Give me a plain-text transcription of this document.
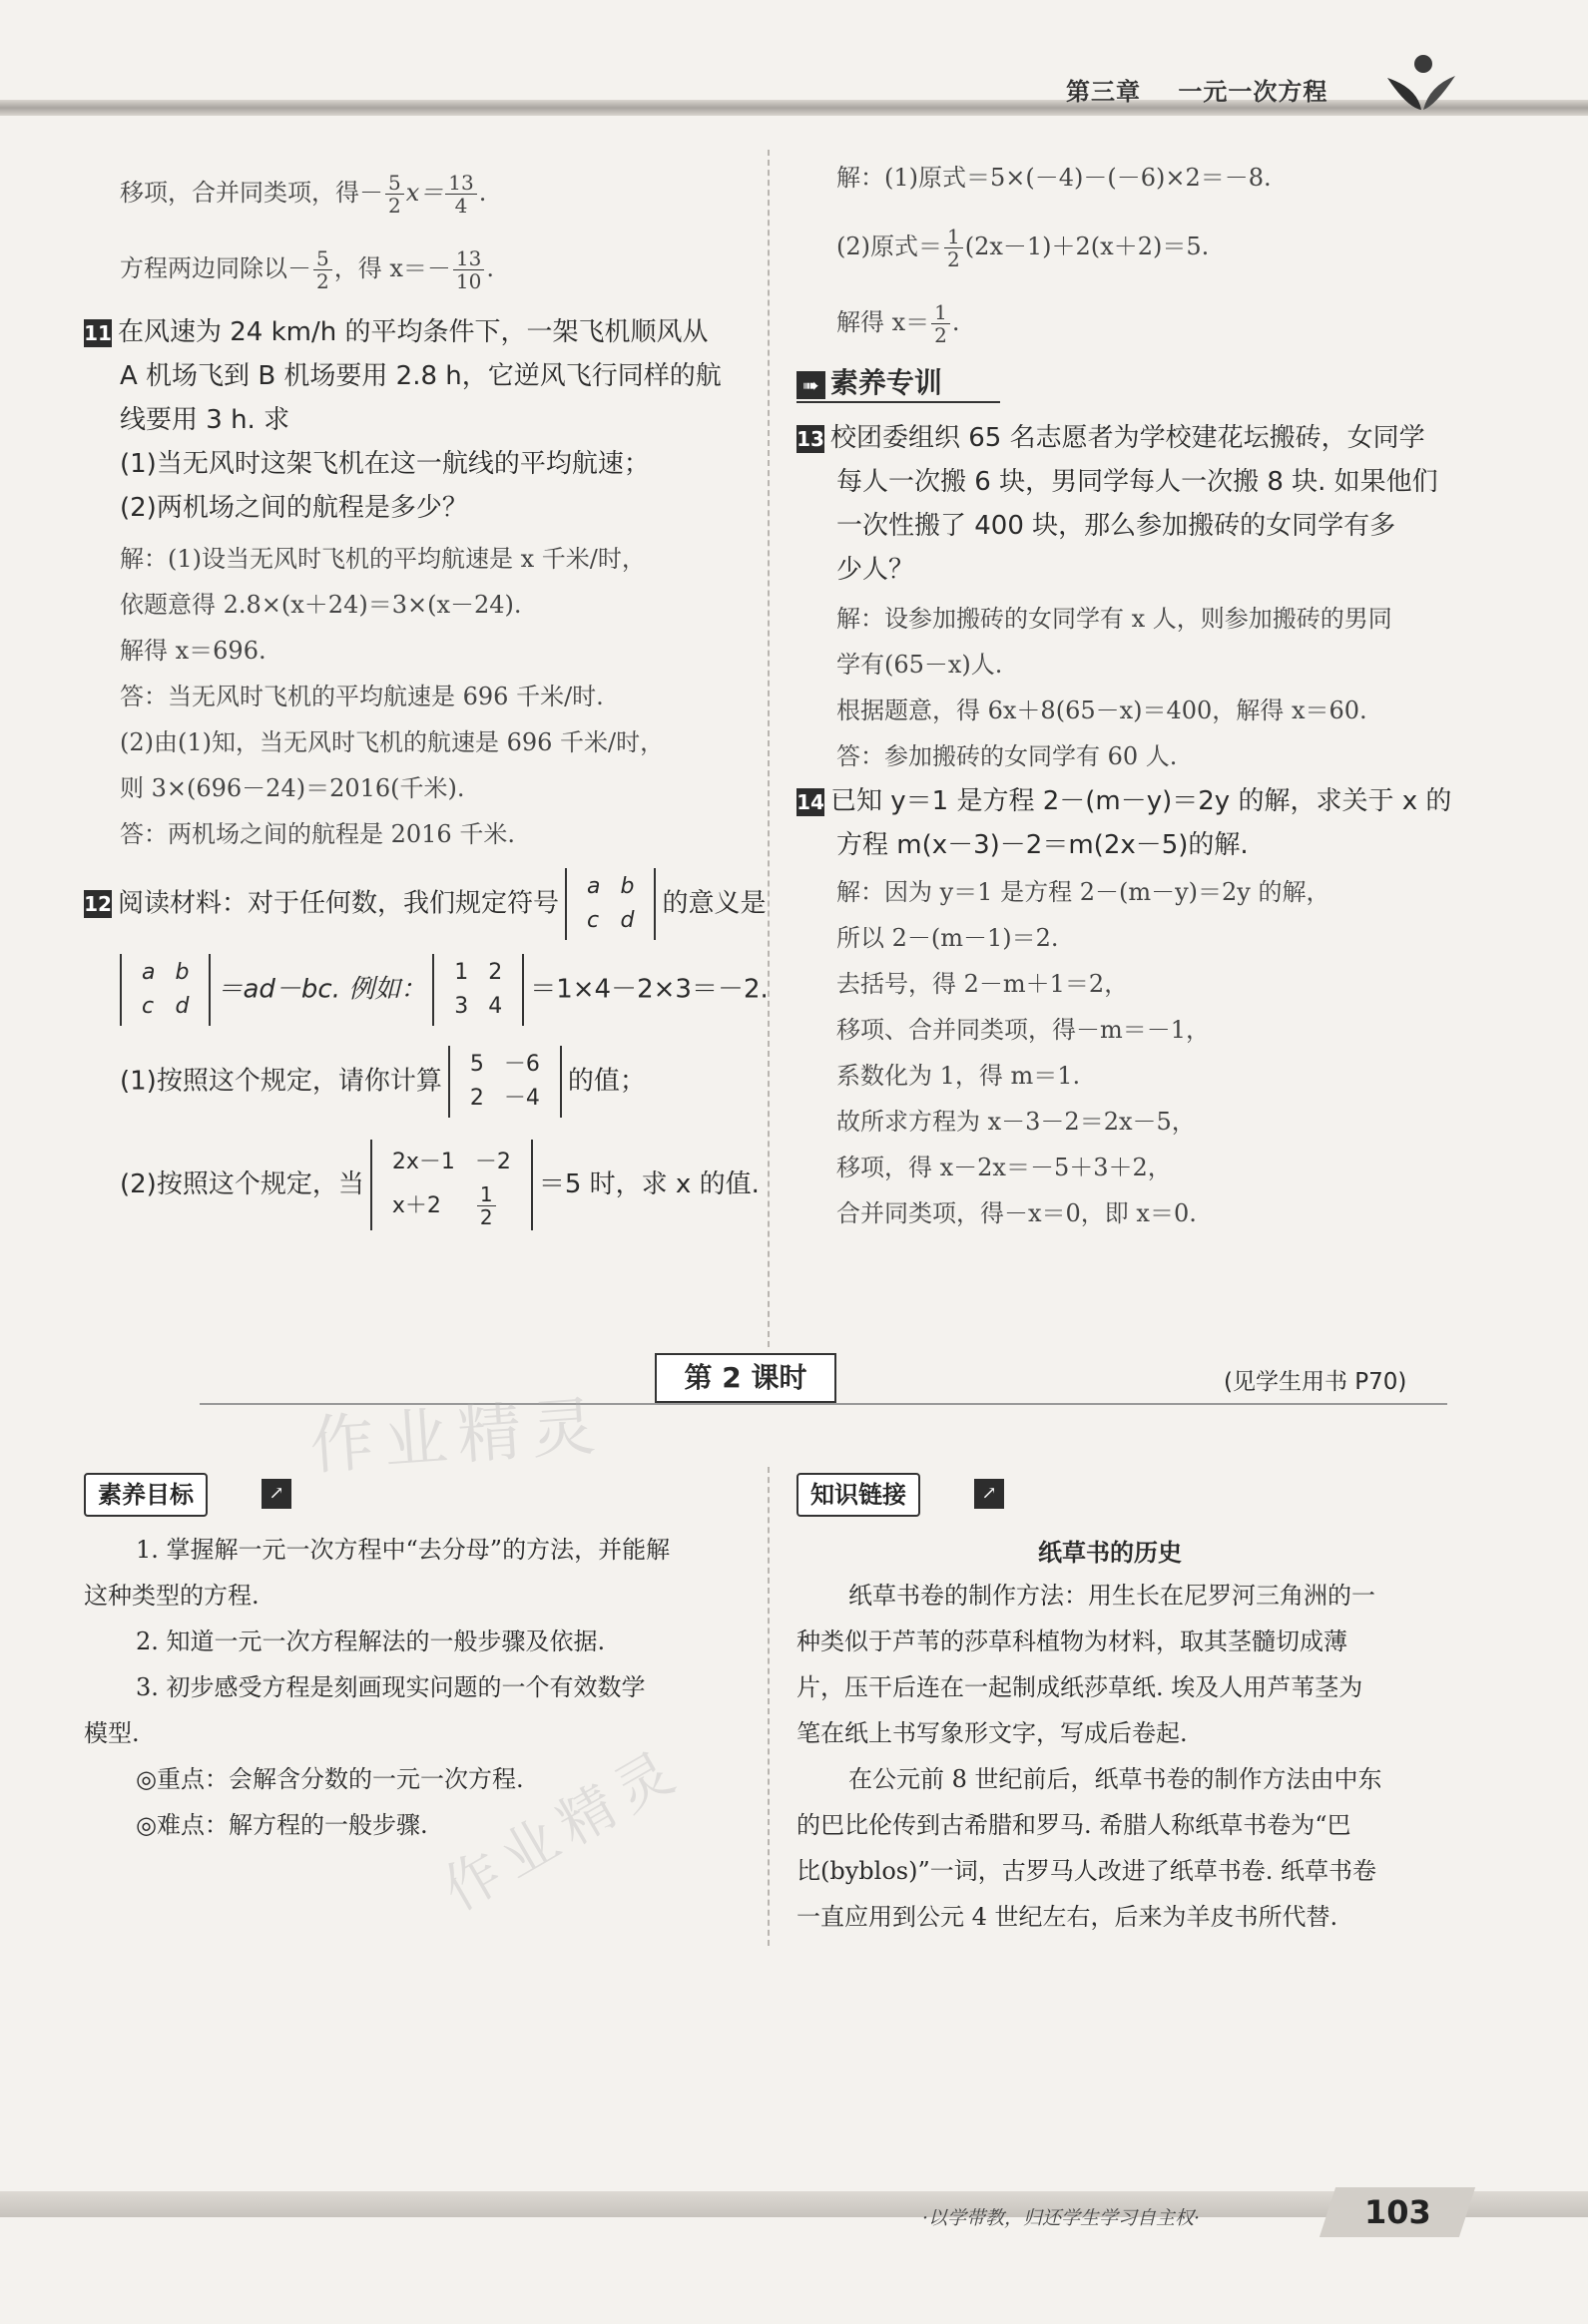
第三章 一元一次方程
移项，合并同类项，得－ $\frac{5}{2} x= \frac{13}{4}$ .
方程两边同除以－ $\frac{5}{2}$ ，得 $x=- \frac{13}{10}$ .
11 在风速为 24 km/h 的平均条件下，一架飞机顺风从
A 机场飞到 B 机场要用 2.8 h，它逆风飞行同样的航
线要用 3 h. 求
(1)当无风时这架飞机在这一航线的平均航速；
(2)两机场之间的航程是多少？
解：(1)设当无风时飞机的平均航速是 x 千米/时，
依题意得 2.8×(x＋24)＝3×(x－24).
解得 x＝696.
答：当无风时飞机的平均航速是 696 千米/时.
(2)由(1)知，当无风时飞机的航速是 696 千米/时，
则 3×(696－24)＝2016(千米).
答：两机场之间的航程是 2016 千米.
12 阅读材料：对于任何数，我们规定符号
a	b
c	d
的意义是
a	b
c	d
＝ad－bc. 例如：
1	2
3	4
＝1×4－2×3＝－2.
(1)按照这个规定，请你计算
5	－6
2	－4
的值；
(2)按照这个规定，当
2x－1	－2
x＋2	$\frac{1}{2} =5$ 时，求 x 的值.
解：(1)原式＝5×(－4)－(－6)×2＝－8.
(2)原式＝ $\frac{1}{2} (2x-1)+2(x+2)=5$.
解得 $x= \frac{1}{2}$ .
➠ 素养专训
13 校团委组织 65 名志愿者为学校建花坛搬砖，女同学
每人一次搬 6 块，男同学每人一次搬 8 块. 如果他们
一次性搬了 400 块，那么参加搬砖的女同学有多
少人？
解：设参加搬砖的女同学有 x 人，则参加搬砖的男同
学有(65－x)人.
根据题意，得 6x＋8(65－x)＝400，解得 x＝60.
答：参加搬砖的女同学有 60 人.
14 已知 y＝1 是方程 2－(m－y)＝2y 的解，求关于 x 的
方程 m(x－3)－2＝m(2x－5)的解.
解：因为 y＝1 是方程 2－(m－y)＝2y 的解，
所以 2－(m－1)＝2.
去括号，得 2－m＋1＝2，
移项、合并同类项，得－m＝－1，
系数化为 1，得 m＝1.
故所求方程为 x－3－2＝2x－5，
移项，得 x－2x＝－5＋3＋2，
合并同类项，得－x＝0，即 x＝0.
第 2 课时	(见学生用书 P70)
作业精灵
作业精灵
素养目标	↗
1. 掌握解一元一次方程中“去分母”的方法，并能解
这种类型的方程.
2. 知道一元一次方程解法的一般步骤及依据.
3. 初步感受方程是刻画现实问题的一个有效数学
模型.
◎重点：会解含分数的一元一次方程.
◎难点：解方程的一般步骤.
知识链接	↗
纸草书的历史
纸草书卷的制作方法：用生长在尼罗河三角洲的一
种类似于芦苇的莎草科植物为材料，取其茎髓切成薄
片，压干后连在一起制成纸莎草纸. 埃及人用芦苇茎为
笔在纸上书写象形文字，写成后卷起.
在公元前 8 世纪前后，纸草书卷的制作方法由中东
的巴比伦传到古希腊和罗马. 希腊人称纸草书卷为“巴
比(byblos)”一词，古罗马人改进了纸草书卷. 纸草书卷
一直应用到公元 4 世纪左右，后来为羊皮书所代替.
·以学带教，归还学生学习自主权·	103
